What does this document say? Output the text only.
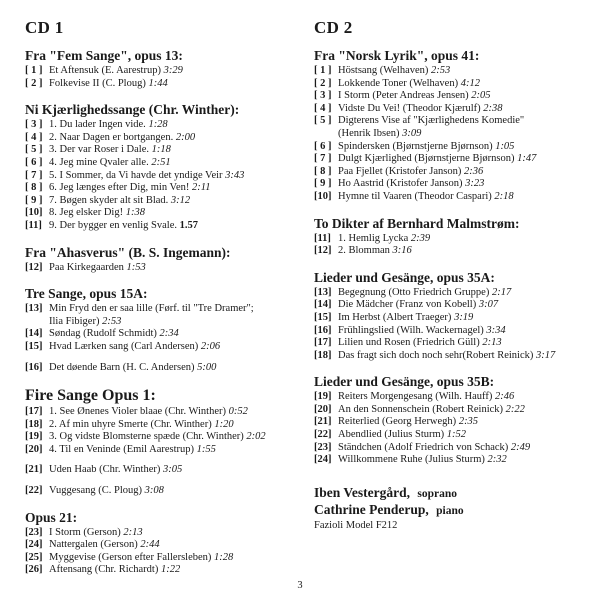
CD 1
Fra "Fem Sange", opus 13:
[ 1 ] Et Aftensuk (E. Aarestrup) 3:29
[ 2 ] Folkevise II (C. Ploug) 1:44
Ni Kjærlighedssange (Chr. Winther):
[ 3 ] 1. Du lader Ingen vide. 1:28
[ 4 ] 2. Naar Dagen er bortgangen. 2:00
[ 5 ] 3. Der var Roser i Dale. 1:18
[ 6 ] 4. Jeg mine Qvaler alle. 2:51
[ 7 ] 5. I Sommer, da Vi havde det yndige Veir 3:43
[ 8 ] 6. Jeg længes efter Dig, min Ven! 2:11
[ 9 ] 7. Bøgen skyder alt sit Blad. 3:12
[10] 8. Jeg elsker Dig! 1:38
[11] 9. Der bygger en venlig Svale. 1.57
Fra "Ahasverus" (B. S. Ingemann):
[12] Paa Kirkegaarden 1:53
Tre Sange, opus 15A:
[13] Min Fryd den er saa lille (Førf. til "Tre Dramer";
Ilia Fibiger) 2:53
[14] Søndag (Rudolf Schmidt) 2:34
[15] Hvad Lærken sang (Carl Andersen) 2:06
[16] Det døende Barn (H. C. Andersen) 5:00
Fire Sange Opus 1:
[17] 1. See Ønenes Violer blaae (Chr. Winther) 0:52
[18] 2. Af min uhyre Smerte (Chr. Winther) 1:20
[19] 3. Og vidste Blomsterne spæde (Chr. Winther) 2:02
[20] 4. Til en Veninde (Emil Aarestrup) 1:55
[21] Uden Haab (Chr. Winther) 3:05
[22] Vuggesang (C. Ploug) 3:08
Opus 21:
[23] I Storm (Gerson) 2:13
[24] Nattergalen (Gerson) 2:44
[25] Myggevise (Gerson efter Fallersleben) 1:28
[26] Aftensang (Chr. Richardt) 1:22
CD 2
Fra "Norsk Lyrik", opus 41:
[ 1 ] Höstsang (Welhaven) 2:53
[ 2 ] Lokkende Toner (Welhaven) 4:12
[ 3 ] I Storm (Peter Andreas Jensen) 2:05
[ 4 ] Vidste Du Vei! (Theodor Kjærulf) 2:38
[ 5 ] Digterens Vise af "Kjærlighedens Komedie"
(Henrik Ibsen) 3:09
[ 6 ] Spindersken (Bjørnstjerne Bjørnson) 1:05
[ 7 ] Dulgt Kjærlighed (Bjørnstjerne Bjørnson) 1:47
[ 8 ] Paa Fjellet (Kristofer Janson) 2:36
[ 9 ] Ho Aastrid (Kristofer Janson) 3:23
[10] Hymne til Vaaren (Theodor Caspari) 2:18
To Dikter af Bernhard Malmstrøm:
[11] 1. Hemlig Lycka 2:39
[12] 2. Blomman 3:16
Lieder und Gesänge, opus 35A:
[13] Begegnung (Otto Friedrich Gruppe) 2:17
[14] Die Mädcher (Franz von Kobell) 3:07
[15] Im Herbst (Albert Traeger) 3:19
[16] Frühlingslied (Wilh. Wackernagel) 3:34
[17] Lilien und Rosen (Friedrich Güll) 2:13
[18] Das fragt sich doch noch sehr(Robert Reinick) 3:17
Lieder und Gesänge, opus 35B:
[19] Reiters Morgengesang (Wilh. Hauff) 2:46
[20] An den Sonnenschein (Robert Reinick) 2:22
[21] Reiterlied (Georg Herwegh) 2:35
[22] Abendlied (Julius Sturm) 1:52
[23] Ständchen (Adolf Friedrich von Schack) 2:49
[24] Willkommene Ruhe (Julius Sturm) 2:32
Iben Vestergård, soprano
Cathrine Penderup, piano
Fazioli Model F212
3
